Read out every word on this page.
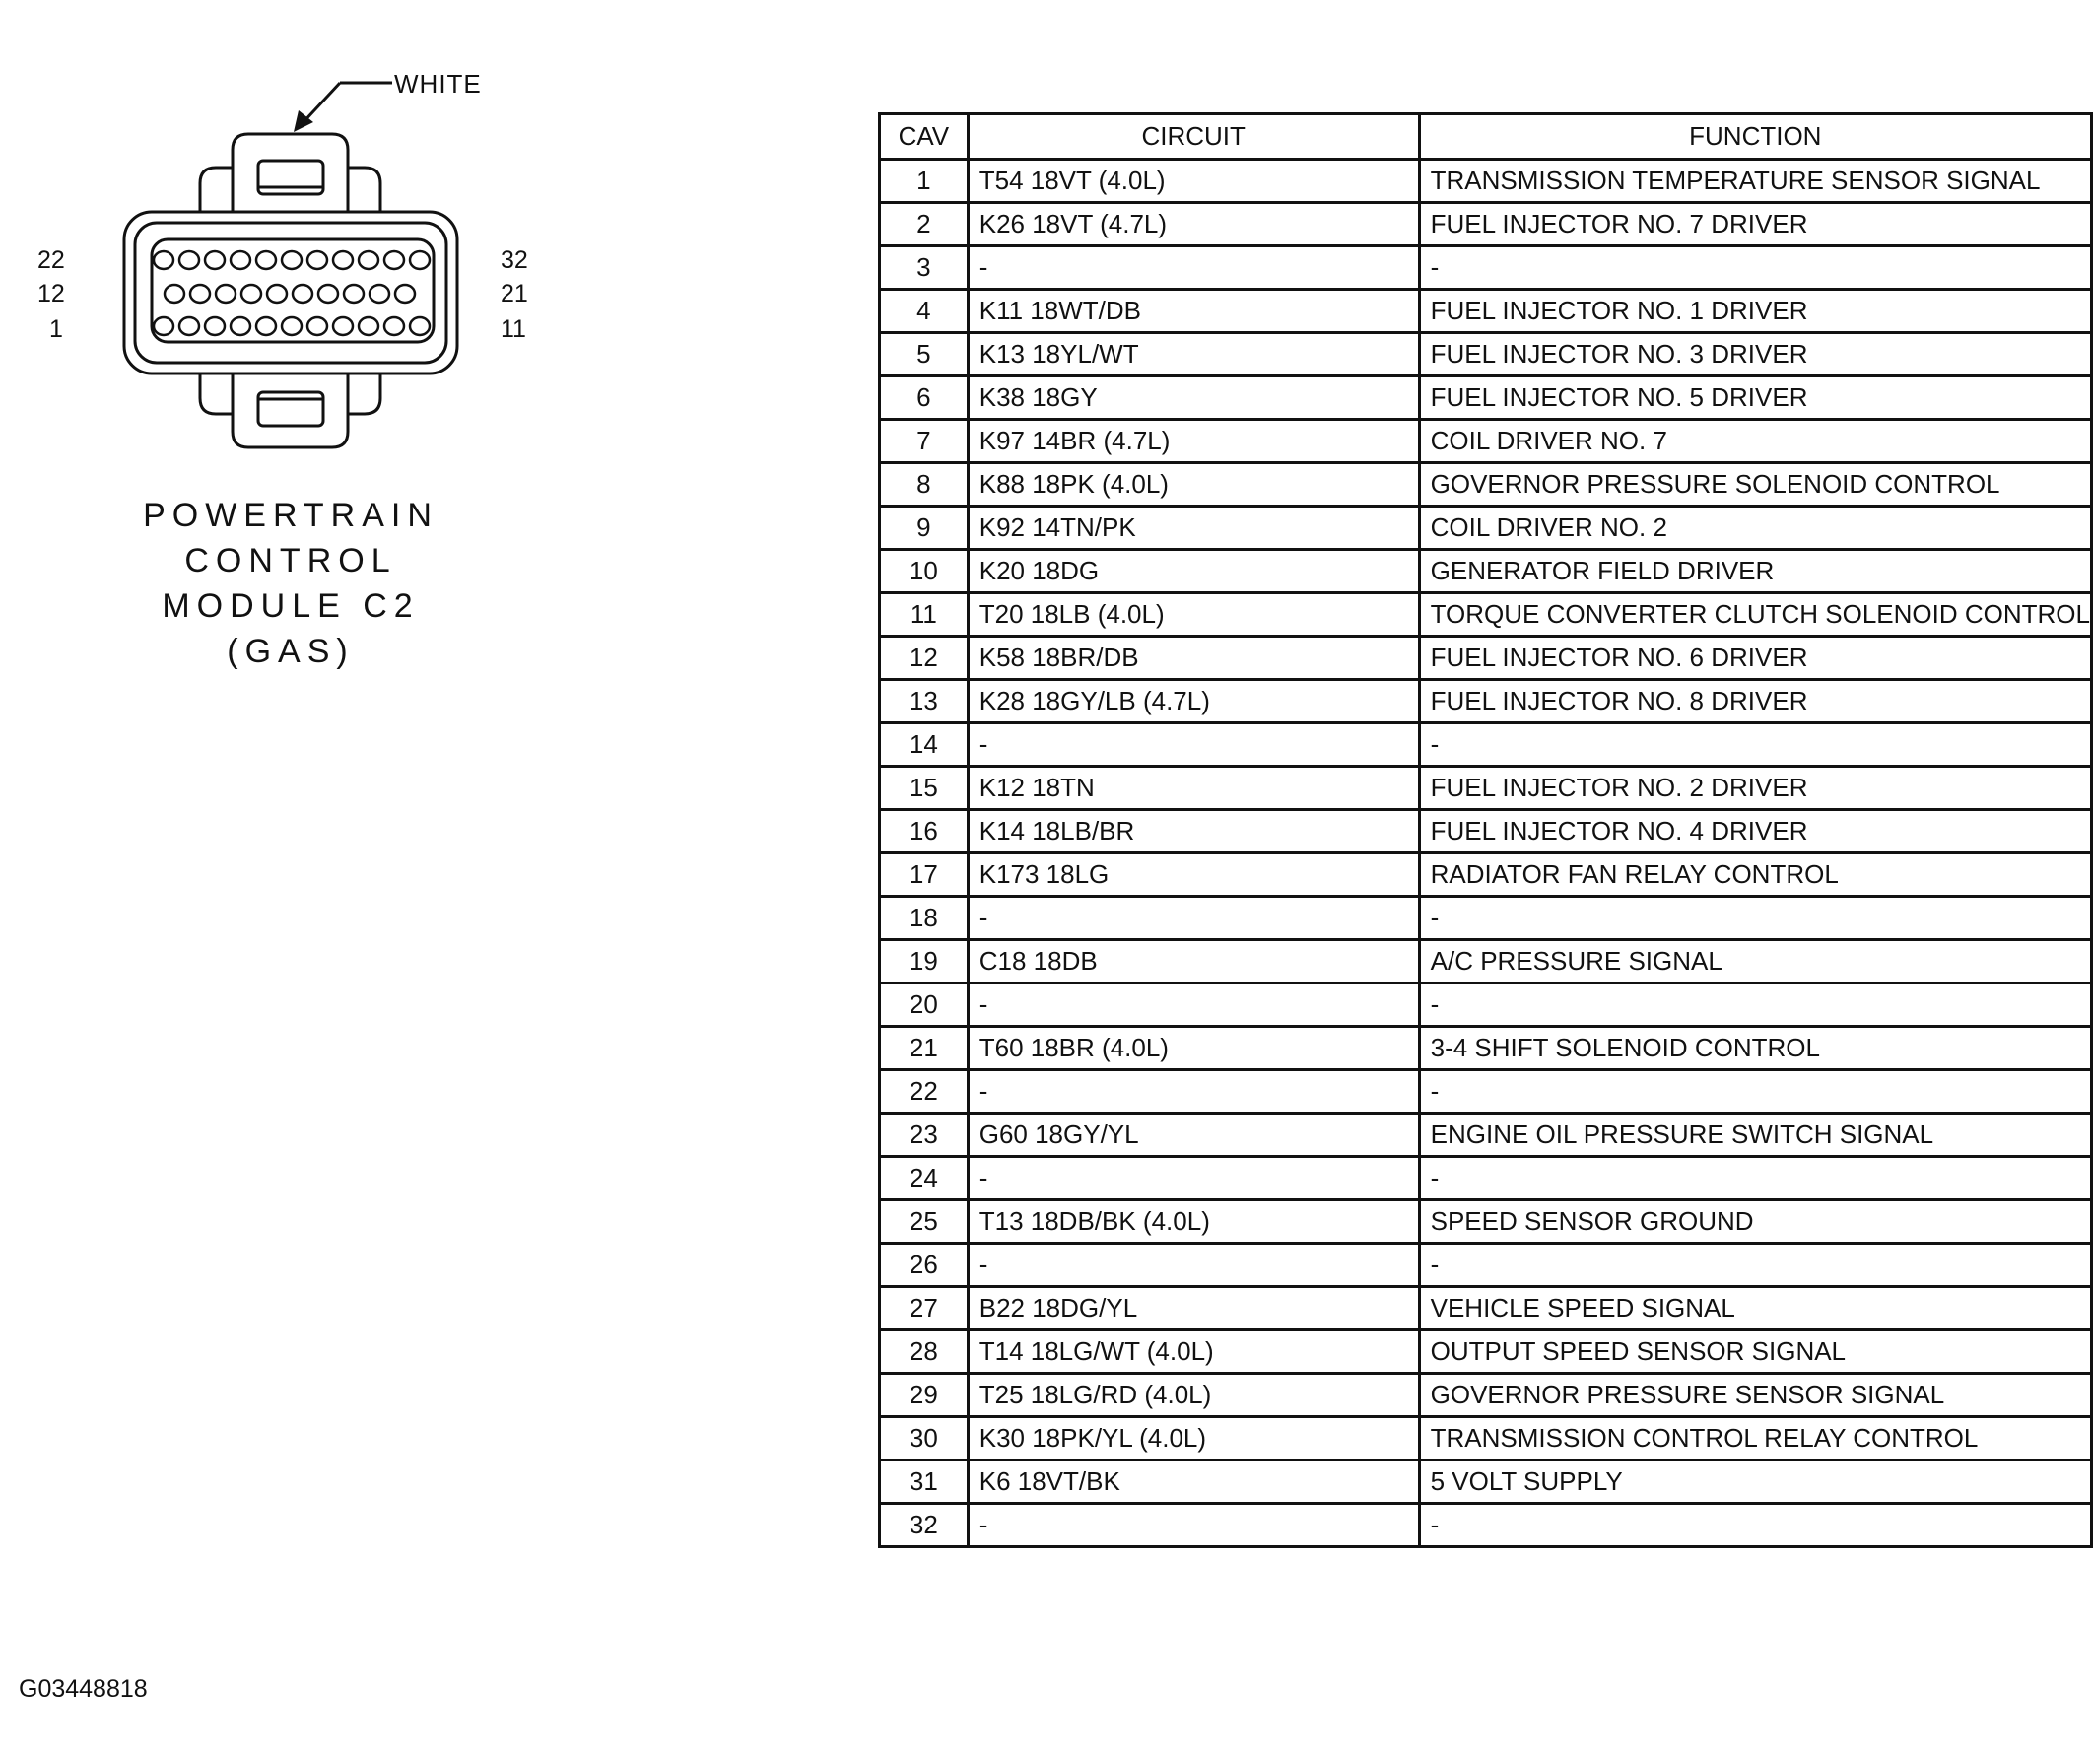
WHITE
22
12
1
32
21
11
POWERTRAIN
CONTROL
MODULE C2
(GAS)
G03448818
CAV	CIRCUIT	FUNCTION
1	T54 18VT (4.0L)	TRANSMISSION TEMPERATURE SENSOR SIGNAL
2	K26 18VT (4.7L)	FUEL INJECTOR NO. 7 DRIVER
3	-	-
4	K11 18WT/DB	FUEL INJECTOR NO. 1 DRIVER
5	K13 18YL/WT	FUEL INJECTOR NO. 3 DRIVER
6	K38 18GY	FUEL INJECTOR NO. 5 DRIVER
7	K97 14BR (4.7L)	COIL DRIVER NO. 7
8	K88 18PK (4.0L)	GOVERNOR PRESSURE SOLENOID CONTROL
9	K92 14TN/PK	COIL DRIVER NO. 2
10	K20 18DG	GENERATOR FIELD DRIVER
11	T20 18LB (4.0L)	TORQUE CONVERTER CLUTCH SOLENOID CONTROL
12	K58 18BR/DB	FUEL INJECTOR NO. 6 DRIVER
13	K28 18GY/LB (4.7L)	FUEL INJECTOR NO. 8 DRIVER
14	-	-
15	K12 18TN	FUEL INJECTOR NO. 2 DRIVER
16	K14 18LB/BR	FUEL INJECTOR NO. 4 DRIVER
17	K173 18LG	RADIATOR FAN RELAY CONTROL
18	-	-
19	C18 18DB	A/C PRESSURE SIGNAL
20	-	-
21	T60 18BR (4.0L)	3-4 SHIFT SOLENOID CONTROL
22	-	-
23	G60 18GY/YL	ENGINE OIL PRESSURE SWITCH SIGNAL
24	-	-
25	T13 18DB/BK (4.0L)	SPEED SENSOR GROUND
26	-	-
27	B22 18DG/YL	VEHICLE SPEED SIGNAL
28	T14 18LG/WT (4.0L)	OUTPUT SPEED SENSOR SIGNAL
29	T25 18LG/RD (4.0L)	GOVERNOR PRESSURE SENSOR SIGNAL
30	K30 18PK/YL (4.0L)	TRANSMISSION CONTROL RELAY CONTROL
31	K6 18VT/BK	5 VOLT SUPPLY
32	-	-
